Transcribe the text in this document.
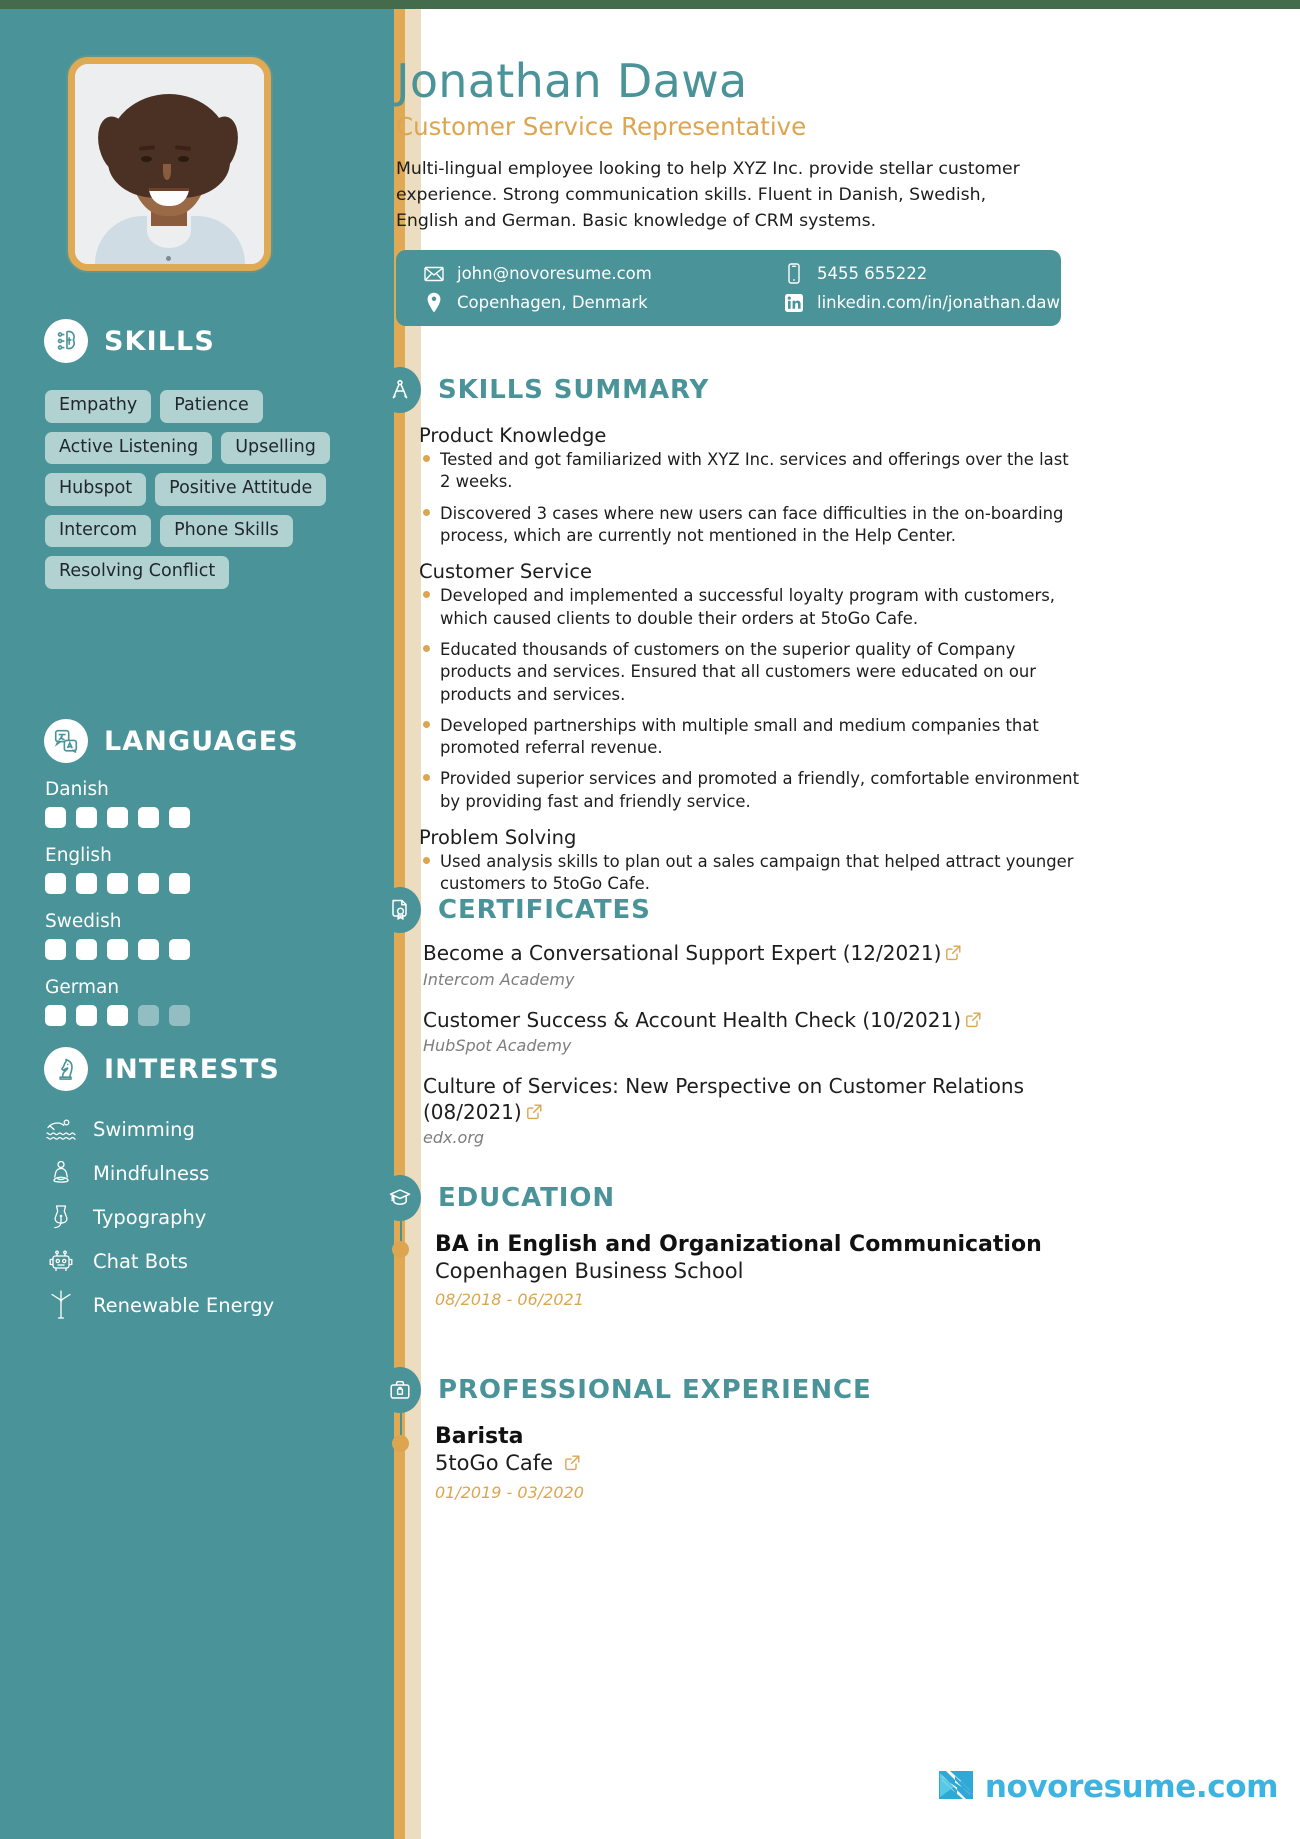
SKILLS
Empathy	Patience
Active Listening	Upselling
Hubspot	Positive Attitude
Intercom	Phone Skills
Resolving Conflict
LANGUAGES
Danish
English
Swedish
German
INTERESTS
Swimming
Mindfulness
Typography
Chat Bots
Renewable Energy
Jonathan Dawa
Customer Service Representative
Multi-lingual employee looking to help XYZ Inc. provide stellar customer experience. Strong communication skills. Fluent in Danish, Swedish, English and German. Basic knowledge of CRM systems.
john@novoresume.com	5455 655222
Copenhagen, Denmark	linkedin.com/in/jonathan.dawa
SKILLS SUMMARY
Product Knowledge
Tested and got familiarized with XYZ Inc. services and offerings over the last 2 weeks.
Discovered 3 cases where new users can face difficulties in the on-boarding process, which are currently not mentioned in the Help Center.
Customer Service
Developed and implemented a successful loyalty program with customers, which caused clients to double their orders at 5toGo Cafe.
Educated thousands of customers on the superior quality of Company products and services. Ensured that all customers were educated on our products and services.
Developed partnerships with multiple small and medium companies that promoted referral revenue.
Provided superior services and promoted a friendly, comfortable environment by providing fast and friendly service.
Problem Solving
Used analysis skills to plan out a sales campaign that helped attract younger customers to 5toGo Cafe.
CERTIFICATES
Become a Conversational Support Expert (12/2021)
Intercom Academy
Customer Success & Account Health Check (10/2021)
HubSpot Academy
Culture of Services: New Perspective on Customer Relations (08/2021)
edx.org
EDUCATION
BA in English and Organizational Communication
Copenhagen Business School
08/2018 - 06/2021
PROFESSIONAL EXPERIENCE
Barista
5toGo Cafe
01/2019 - 03/2020
novoresume.com
